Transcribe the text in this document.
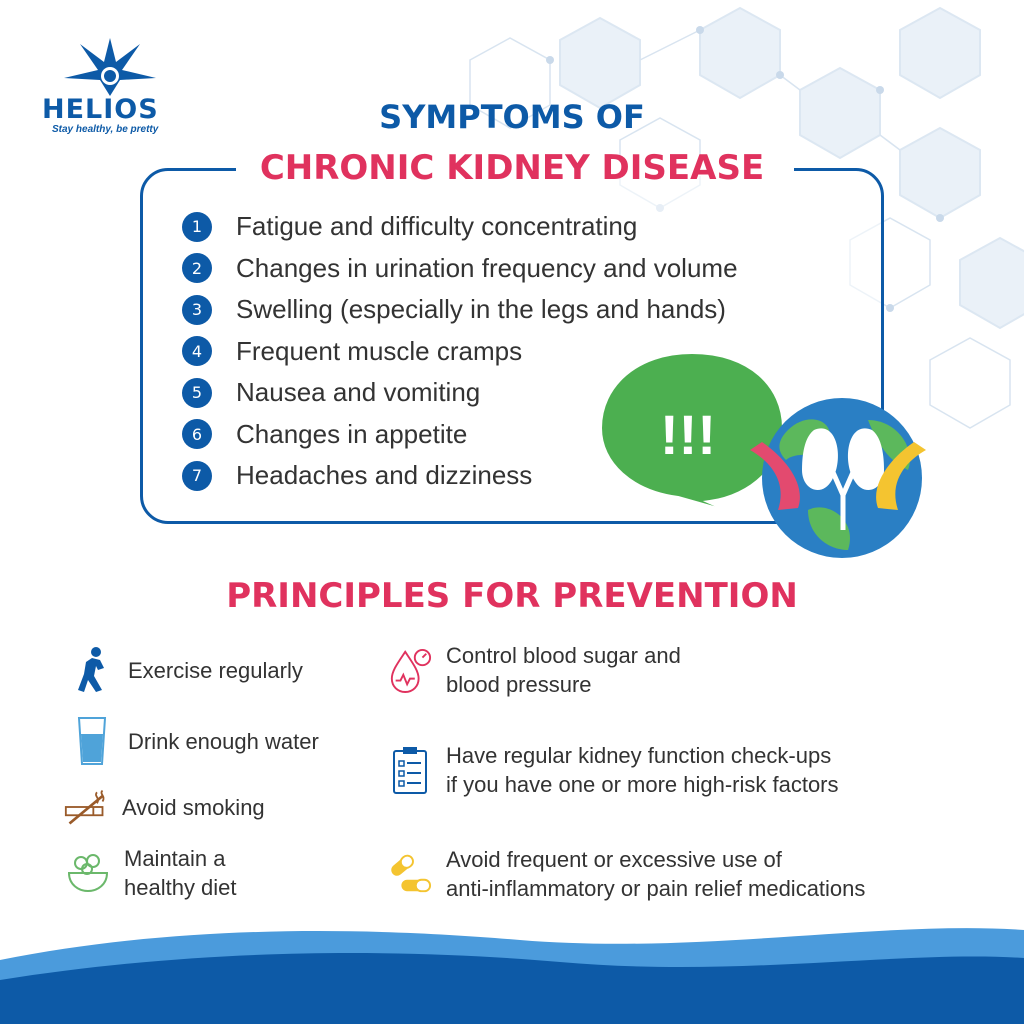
HELIOS
Stay healthy, be pretty	SYMPTOMS OF
CHRONIC KIDNEY DISEASE
1	Fatigue and difficulty concentrating
2	Changes in urination frequency and volume
3	Swelling (especially in the legs and hands)
4	Frequent muscle cramps
5	Nausea and vomiting
6	Changes in appetite
7	Headaches and dizziness
!!!
PRINCIPLES FOR PREVENTION
Exercise regularly
Drink enough water
Avoid smoking
Maintain a
healthy diet
Control blood sugar and
blood pressure
Have regular kidney function check-ups
if you have one or more high-risk factors
Avoid frequent or excessive use of
anti-inflammatory or pain relief medications
